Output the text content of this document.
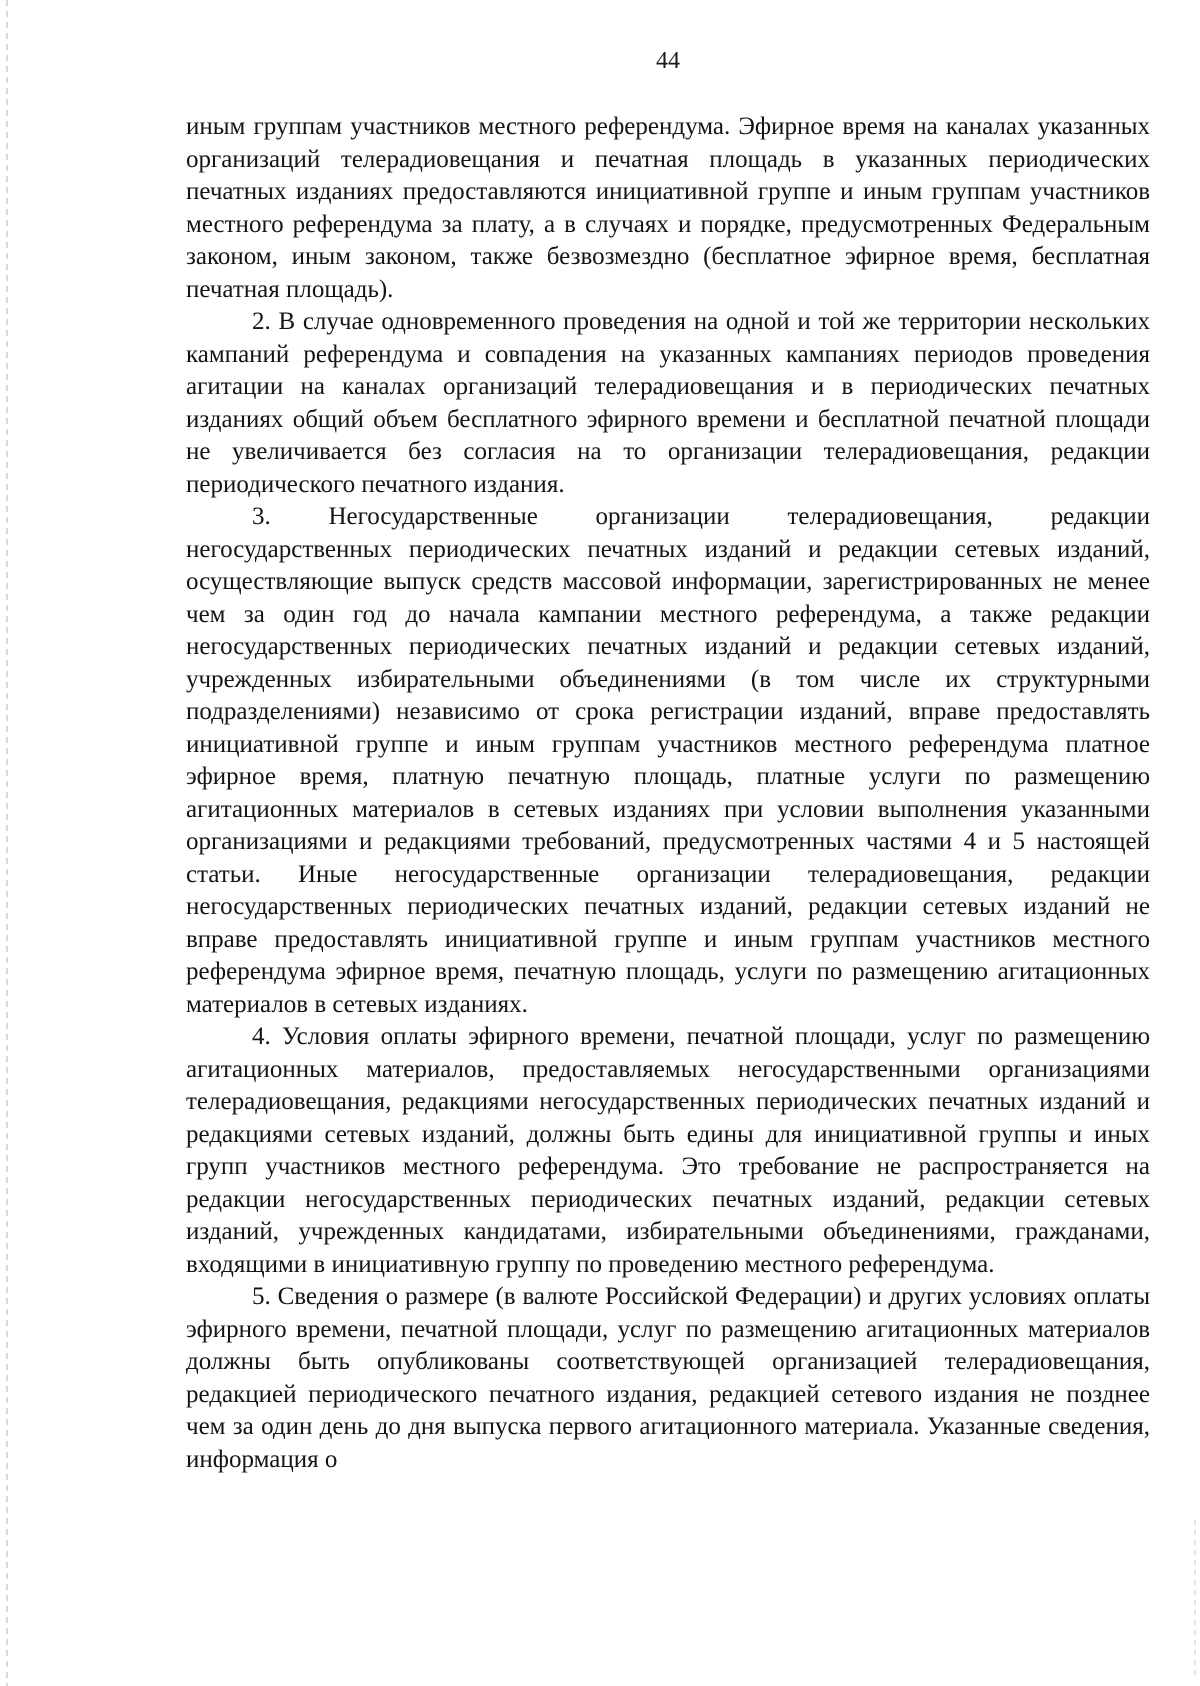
44

иным группам участников местного референдума. Эфирное время на каналах указанных организаций телерадиовещания и печатная площадь в указанных периодических печатных изданиях предоставляются инициативной группе и иным группам участников местного референдума за плату, а в случаях и порядке, предусмотренных Федеральным законом, иным законом, также безвозмездно (бесплатное эфирное время, бесплатная печатная площадь).

2. В случае одновременного проведения на одной и той же территории нескольких кампаний референдума и совпадения на указанных кампаниях периодов проведения агитации на каналах организаций телерадиовещания и в периодических печатных изданиях общий объем бесплатного эфирного времени и бесплатной печатной площади не увеличивается без согласия на то организации телерадиовещания, редакции периодического печатного издания.

3. Негосударственные организации телерадиовещания, редакции негосударственных периодических печатных изданий и редакции сетевых изданий, осуществляющие выпуск средств массовой информации, зарегистрированных не менее чем за один год до начала кампании местного референдума, а также редакции негосударственных периодических печатных изданий и редакции сетевых изданий, учрежденных избирательными объединениями (в том числе их структурными подразделениями) независимо от срока регистрации изданий, вправе предоставлять инициативной группе и иным группам участников местного референдума платное эфирное время, платную печатную площадь, платные услуги по размещению агитационных материалов в сетевых изданиях при условии выполнения указанными организациями и редакциями требований, предусмотренных частями 4 и 5 настоящей статьи. Иные негосударственные организации телерадиовещания, редакции негосударственных периодических печатных изданий, редакции сетевых изданий не вправе предоставлять инициативной группе и иным группам участников местного референдума эфирное время, печатную площадь, услуги по размещению агитационных материалов в сетевых изданиях.

4. Условия оплаты эфирного времени, печатной площади, услуг по размещению агитационных материалов, предоставляемых негосударственными организациями телерадиовещания, редакциями негосударственных периодических печатных изданий и редакциями сетевых изданий, должны быть едины для инициативной группы и иных групп участников местного референдума. Это требование не распространяется на редакции негосударственных периодических печатных изданий, редакции сетевых изданий, учрежденных кандидатами, избирательными объединениями, гражданами, входящими в инициативную группу по проведению местного референдума.

5. Сведения о размере (в валюте Российской Федерации) и других условиях оплаты эфирного времени, печатной площади, услуг по размещению агитационных материалов должны быть опубликованы соответствующей организацией телерадиовещания, редакцией периодического печатного издания, редакцией сетевого издания не позднее чем за один день до дня выпуска первого агитационного материала. Указанные сведения, информация о
